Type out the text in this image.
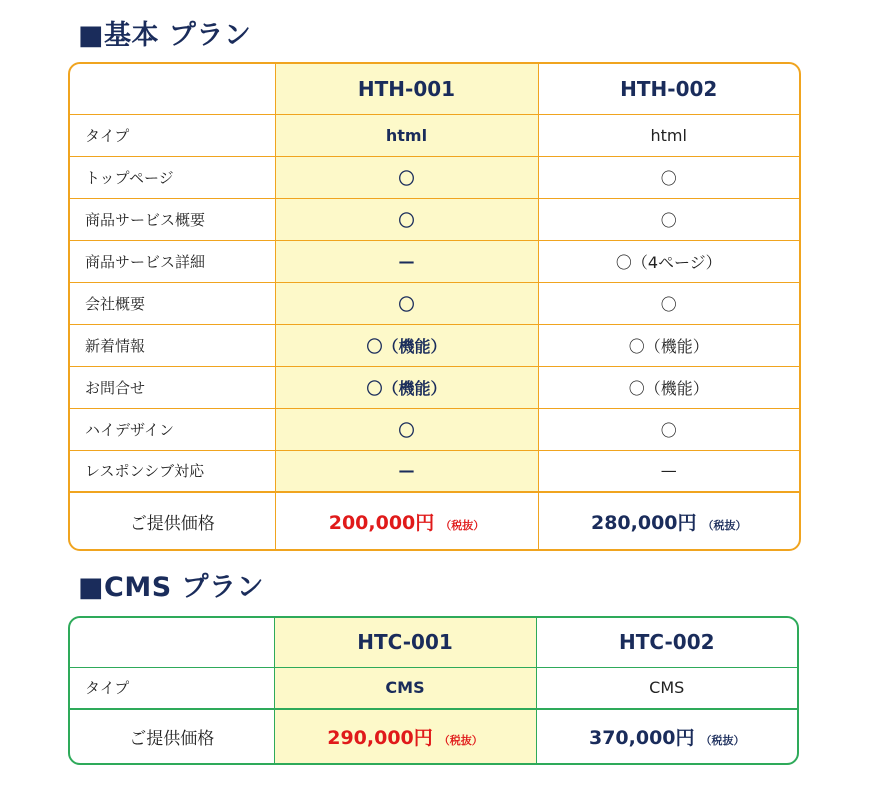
■基本 プラン
	HTH-001	HTH-002
タイプ	html	html
トップページ	〇	〇
商品サービス概要	〇	〇
商品サービス詳細	—	〇（4ページ）
会社概要	〇	〇
新着情報	〇（機能）	〇（機能）
お問合せ	〇（機能）	〇（機能）
ハイデザイン	〇	〇
レスポンシブ対応	—	—
ご提供価格	200,000円 （税抜）	280,000円 （税抜）
■CMS プラン
	HTC-001	HTC-002
タイプ	CMS	CMS
ご提供価格	290,000円 （税抜）	370,000円 （税抜）
